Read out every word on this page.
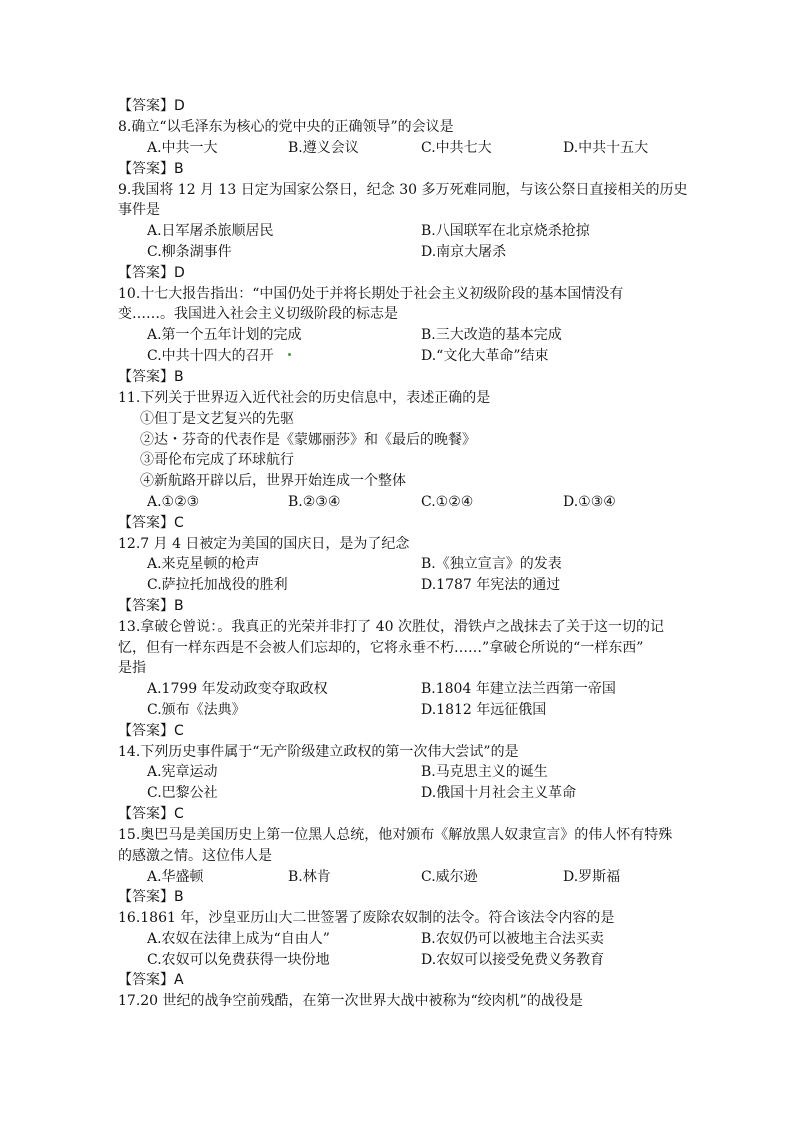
【答案】D
8.确立“以毛泽东为核心的党中央的正确领导”的会议是
A.中共一大	B.遵义会议	C.中共七大	D.中共十五大
【答案】B
9.我国将 12 月 13 日定为国家公祭日，纪念 30 多万死难同胞，与该公祭日直接相关的历史
事件是
A.日军屠杀旅顺居民	B.八国联军在北京烧杀抢掠
C.柳条湖事件	D.南京大屠杀
【答案】D
10.十七大报告指出：“中国仍处于并将长期处于社会主义初级阶段的基本国情没有
变……。我国进入社会主义切级阶段的标志是
A.第一个五年计划的完成	B.三大改造的基本完成
C.中共十四大的召开	D.“文化大革命”结束
【答案】B
11.下列关于世界迈入近代社会的历史信息中，表述正确的是
①但丁是文艺复兴的先驱
②达・芬奇的代表作是《蒙娜丽莎》和《最后的晚餐》
③哥伦布完成了环球航行
④新航路开辟以后，世界开始连成一个整体
A.①②③	B.②③④	C.①②④	D.①③④
【答案】C
12.7 月 4 日被定为美国的国庆日，是为了纪念
A.来克星顿的枪声	B.《独立宣言》的发表
C.萨拉托加战役的胜利	D.1787 年宪法的通过
【答案】B
13.拿破仑曾说：。我真正的光荣并非打了 40 次胜仗，滑铁卢之战抹去了关于这一切的记
忆，但有一样东西是不会被人们忘却的，它将永垂不朽……”拿破仑所说的“一样东西”
是指
A.1799 年发动政变夺取政权	B.1804 年建立法兰西第一帝国
C.颁布《法典》	D.1812 年远征俄国
【答案】C
14.下列历史事件属于“无产阶级建立政权的第一次伟大尝试”的是
A.宪章运动	B.马克思主义的诞生
C.巴黎公社	D.俄国十月社会主义革命
【答案】C
15.奥巴马是美国历史上第一位黑人总统，他对颁布《解放黑人奴隶宣言》的伟人怀有特殊
的感激之情。这位伟人是
A.华盛顿	B.林肯	C.威尔逊	D.罗斯福
【答案】B
16.1861 年，沙皇亚历山大二世签署了废除农奴制的法令。符合该法令内容的是
A.农奴在法律上成为“自由人”	B.农奴仍可以被地主合法买卖
C.农奴可以免费获得一块份地	D.农奴可以接受免费义务教育
【答案】A
17.20 世纪的战争空前残酷，在第一次世界大战中被称为“绞肉机”的战役是
